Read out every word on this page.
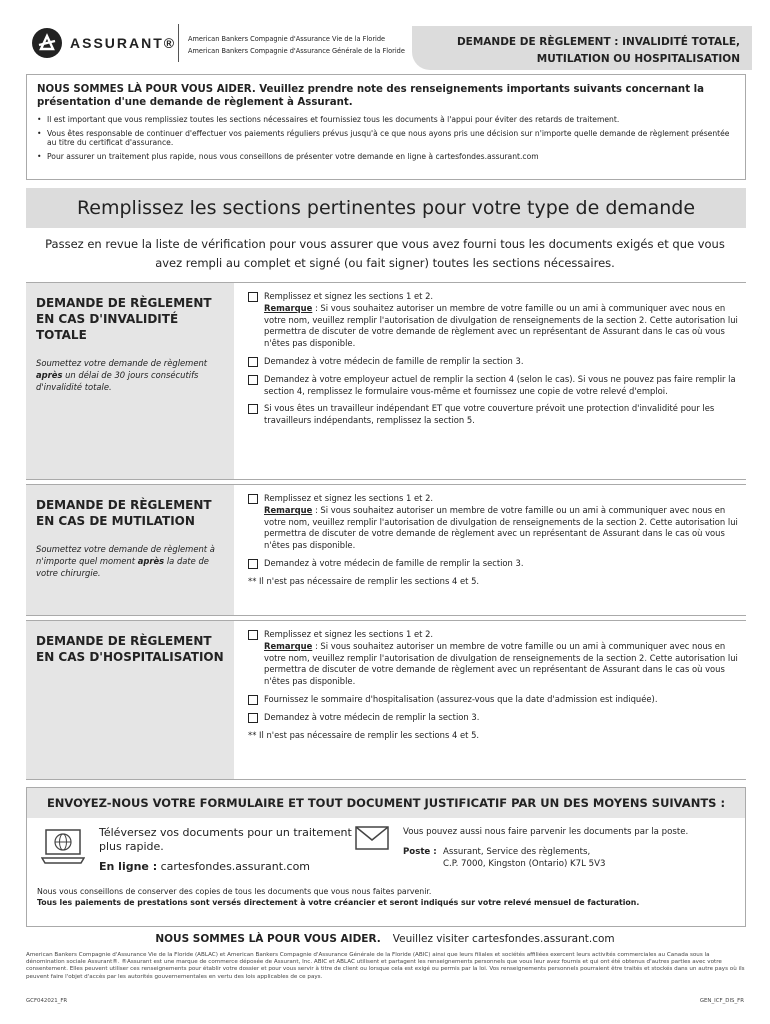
ASSURANT® American Bankers Compagnie d'Assurance Vie de la Floride
American Bankers Compagnie d'Assurance Générale de la Floride
DEMANDE DE RÈGLEMENT : INVALIDITÉ TOTALE,
MUTILATION OU HOSPITALISATION
NOUS SOMMES LÀ POUR VOUS AIDER. Veuillez prendre note des renseignements importants suivants concernant la présentation d'une demande de règlement à Assurant.
• Il est important que vous remplissiez toutes les sections nécessaires et fournissiez tous les documents à l'appui pour éviter des retards de traitement.
• Vous êtes responsable de continuer d'effectuer vos paiements réguliers prévus jusqu'à ce que nous ayons pris une décision sur n'importe quelle demande de règlement présentée au titre du certificat d'assurance.
• Pour assurer un traitement plus rapide, nous vous conseillons de présenter votre demande en ligne à cartesfondes.assurant.com
Remplissez les sections pertinentes pour votre type de demande
Passez en revue la liste de vérification pour vous assurer que vous avez fourni tous les documents exigés et que vous avez rempli au complet et signé (ou fait signer) toutes les sections nécessaires.
DEMANDE DE RÈGLEMENT EN CAS D'INVALIDITÉ TOTALE
Soumettez votre demande de règlement après un délai de 30 jours consécutifs d'invalidité totale.
Remplissez et signez les sections 1 et 2.
Remarque : Si vous souhaitez autoriser un membre de votre famille ou un ami à communiquer avec nous en votre nom, veuillez remplir l'autorisation de divulgation de renseignements de la section 2. Cette autorisation lui permettra de discuter de votre demande de règlement avec un représentant de Assurant dans le cas où vous n'êtes pas disponible.
Demandez à votre médecin de famille de remplir la section 3.
Demandez à votre employeur actuel de remplir la section 4 (selon le cas). Si vous ne pouvez pas faire remplir la section 4, remplissez le formulaire vous-même et fournissez une copie de votre relevé d'emploi.
Si vous êtes un travailleur indépendant ET que votre couverture prévoit une protection d'invalidité pour les travailleurs indépendants, remplissez la section 5.
DEMANDE DE RÈGLEMENT EN CAS DE MUTILATION
Soumettez votre demande de règlement à n'importe quel moment après la date de votre chirurgie.
Remplissez et signez les sections 1 et 2.
Remarque : Si vous souhaitez autoriser un membre de votre famille ou un ami à communiquer avec nous en votre nom, veuillez remplir l'autorisation de divulgation de renseignements de la section 2. Cette autorisation lui permettra de discuter de votre demande de règlement avec un représentant de Assurant dans le cas où vous n'êtes pas disponible.
Demandez à votre médecin de famille de remplir la section 3.
** Il n'est pas nécessaire de remplir les sections 4 et 5.
DEMANDE DE RÈGLEMENT EN CAS D'HOSPITALISATION
Remplissez et signez les sections 1 et 2.
Remarque : Si vous souhaitez autoriser un membre de votre famille ou un ami à communiquer avec nous en votre nom, veuillez remplir l'autorisation de divulgation de renseignements de la section 2. Cette autorisation lui permettra de discuter de votre demande de règlement avec un représentant de Assurant dans le cas où vous n'êtes pas disponible.
Fournissez le sommaire d'hospitalisation (assurez-vous que la date d'admission est indiquée).
Demandez à votre médecin de remplir la section 3.
** Il n'est pas nécessaire de remplir les sections 4 et 5.
ENVOYEZ-NOUS VOTRE FORMULAIRE ET TOUT DOCUMENT JUSTIFICATIF PAR UN DES MOYENS SUIVANTS :
Téléversez vos documents pour un traitement plus rapide.
En ligne : cartesfondes.assurant.com
Vous pouvez aussi nous faire parvenir les documents par la poste.
Poste : Assurant, Service des règlements,
C.P. 7000, Kingston (Ontario) K7L 5V3
Nous vous conseillons de conserver des copies de tous les documents que vous nous faites parvenir.
Tous les paiements de prestations sont versés directement à votre créancier et seront indiqués sur votre relevé mensuel de facturation.
NOUS SOMMES LÀ POUR VOUS AIDER. Veuillez visiter cartesfondes.assurant.com
American Bankers Compagnie d'Assurance Vie de la Floride (ABLAC) et American Bankers Compagnie d'Assurance Générale de la Floride (ABIC) ainsi que leurs filiales et sociétés affiliées exercent leurs activités commerciales au Canada sous la dénomination sociale Assurant®. ®Assurant est une marque de commerce déposée de Assurant, Inc. ABIC et ABLAC utilisent et partagent les renseignements personnels que vous leur avez fournis et qui ont été obtenus d'autres parties avec votre consentement. Elles peuvent utiliser ces renseignements pour établir votre dossier et pour vous servir à titre de client ou lorsque cela est exigé ou permis par la loi. Vos renseignements personnels pourraient être traités et stockés dans un autre pays où ils peuvent faire l'objet d'accès par les autorités gouvernementales en vertu des lois applicables de ce pays.
GCF042021_FR	GEN_ICF_DIS_FR
